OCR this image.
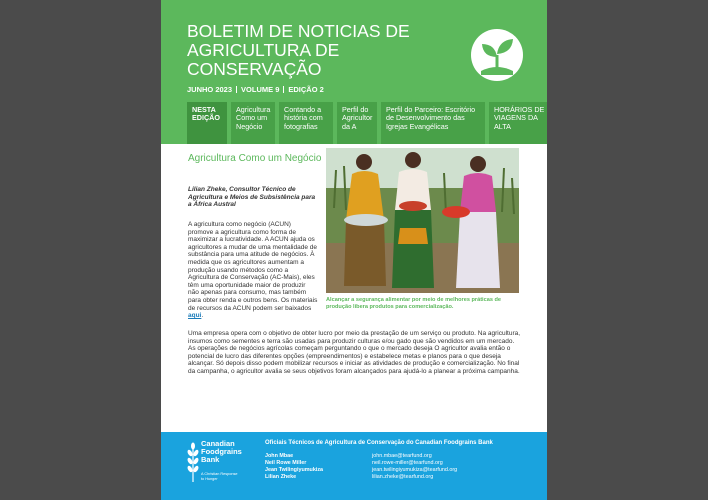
BOLETIM DE NOTICIAS DE
AGRICULTURA DE
CONSERVAÇÃO
JUNHO 2023 VOLUME 9 EDIÇÃO 2
NESTA EDIÇÃO
Agricultura Como um Negócio
Contando a história com fotografias
Perfil do Agricultor da A
Perfil do Parceiro: Escritório de Desenvolvimento das Igrejas Evangélicas
HORÁRIOS DE VIAGENS DA ALTA
Agricultura Como um Negócio
Lilian Zheke, Consultor Técnico de Agricultura e Meios de Subsistência para a África Austral
A agricultura como negócio (ACUN) promove a agricultura como forma de maximizar a lucratividade. A ACUN ajuda os agricultores a mudar de uma mentalidade de substância para uma atitude de negócios. À medida que os agricultores aumentam a produção usando métodos como a Agricultura de Conservação (AC-Mais), eles têm uma oportunidade maior de produzir não apenas para consumo, mas também para obter renda e outros bens. Os materiais de recursos da ACUN podem ser baixados aqui.
Alcançar a segurança alimentar por meio de melhores práticas de produção libera produtos para comercialização.
Uma empresa opera com o objetivo de obter lucro por meio da prestação de um serviço ou produto. Na agricultura, insumos como sementes e terra são usadas para produzir culturas e/ou gado que são vendidos em um mercado. As operações de negócios agrícolas começam perguntando o que o mercado deseja O agricultor avalia então o potencial de lucro das diferentes opções (empreendimentos) e estabelece metas e planos para o que deseja alcançar. Só depois disso podem mobilizar recursos e iniciar as atividades de produção e comercialização. No final da campanha, o agricultor avalia se seus objetivos foram alcançados para ajudá-lo a planear a próxima campanha.
Canadian
Foodgrains
Bank
A Christian Response
to Hunger
Oficiais Técnicos de Agricultura de Conservação do Canadian Foodgrains Bank
John Mbae
Neil Rowe Miller
Jean Twilingiyumukiza
Lilian Zheke
john.mbae@tearfund.org
neil.rowe-miller@tearfund.org
jean.twilingiyumukiza@tearfund.org
lilian.zheke@tearfund.org
